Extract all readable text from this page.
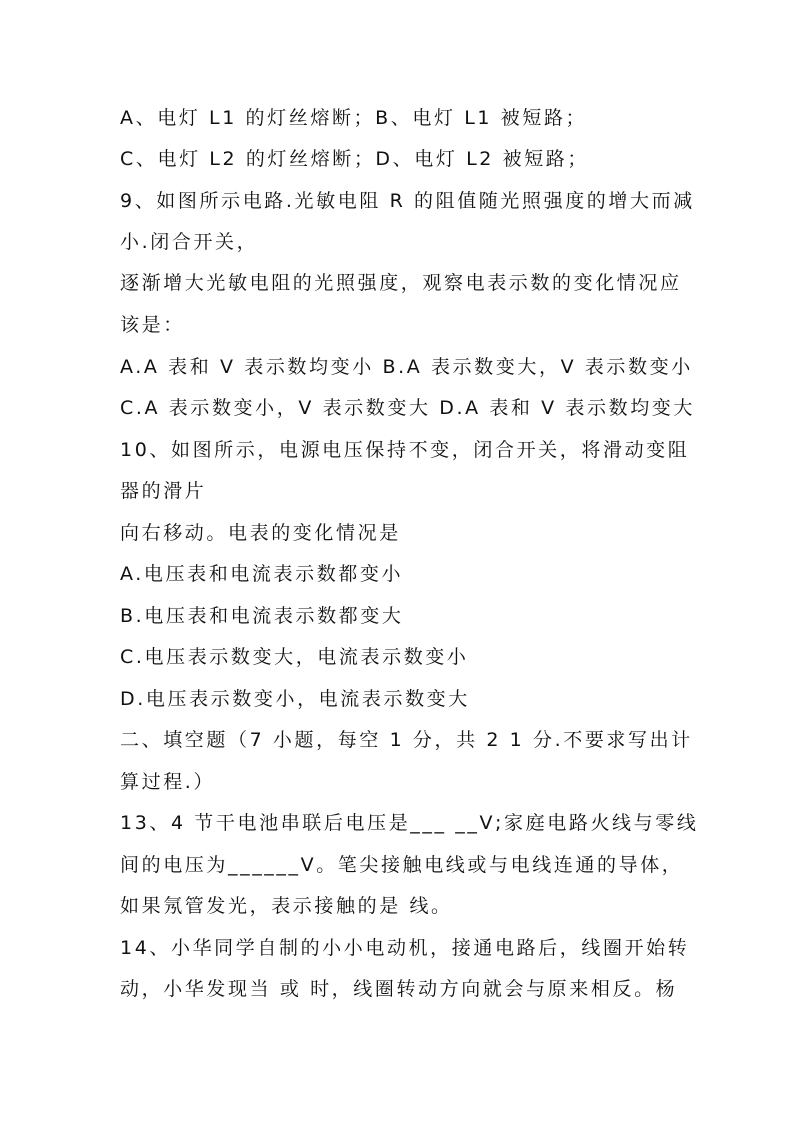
A、电灯 L1 的灯丝熔断；B、电灯 L1 被短路；
C、电灯 L2 的灯丝熔断；D、电灯 L2 被短路；
9、如图所示电路.光敏电阻 R 的阻值随光照强度的增大而减
小.闭合开关，
逐渐增大光敏电阻的光照强度，观察电表示数的变化情况应
该是：
A.A 表和 V 表示数均变小 B.A 表示数变大，V 表示数变小
C.A 表示数变小，V 表示数变大 D.A 表和 V 表示数均变大
10、如图所示，电源电压保持不变，闭合开关，将滑动变阻
器的滑片
向右移动。电表的变化情况是
A.电压表和电流表示数都变小
B.电压表和电流表示数都变大
C.电压表示数变大，电流表示数变小
D.电压表示数变小，电流表示数变大
二、填空题（7 小题，每空 1 分，共 2 1 分.不要求写出计
算过程.）
13、4 节干电池串联后电压是___ __V;家庭电路火线与零线
间的电压为______V。笔尖接触电线或与电线连通的导体，
如果氖管发光，表示接触的是 线。
14、小华同学自制的小小电动机，接通电路后，线圈开始转
动，小华发现当 或 时，线圈转动方向就会与原来相反。杨
